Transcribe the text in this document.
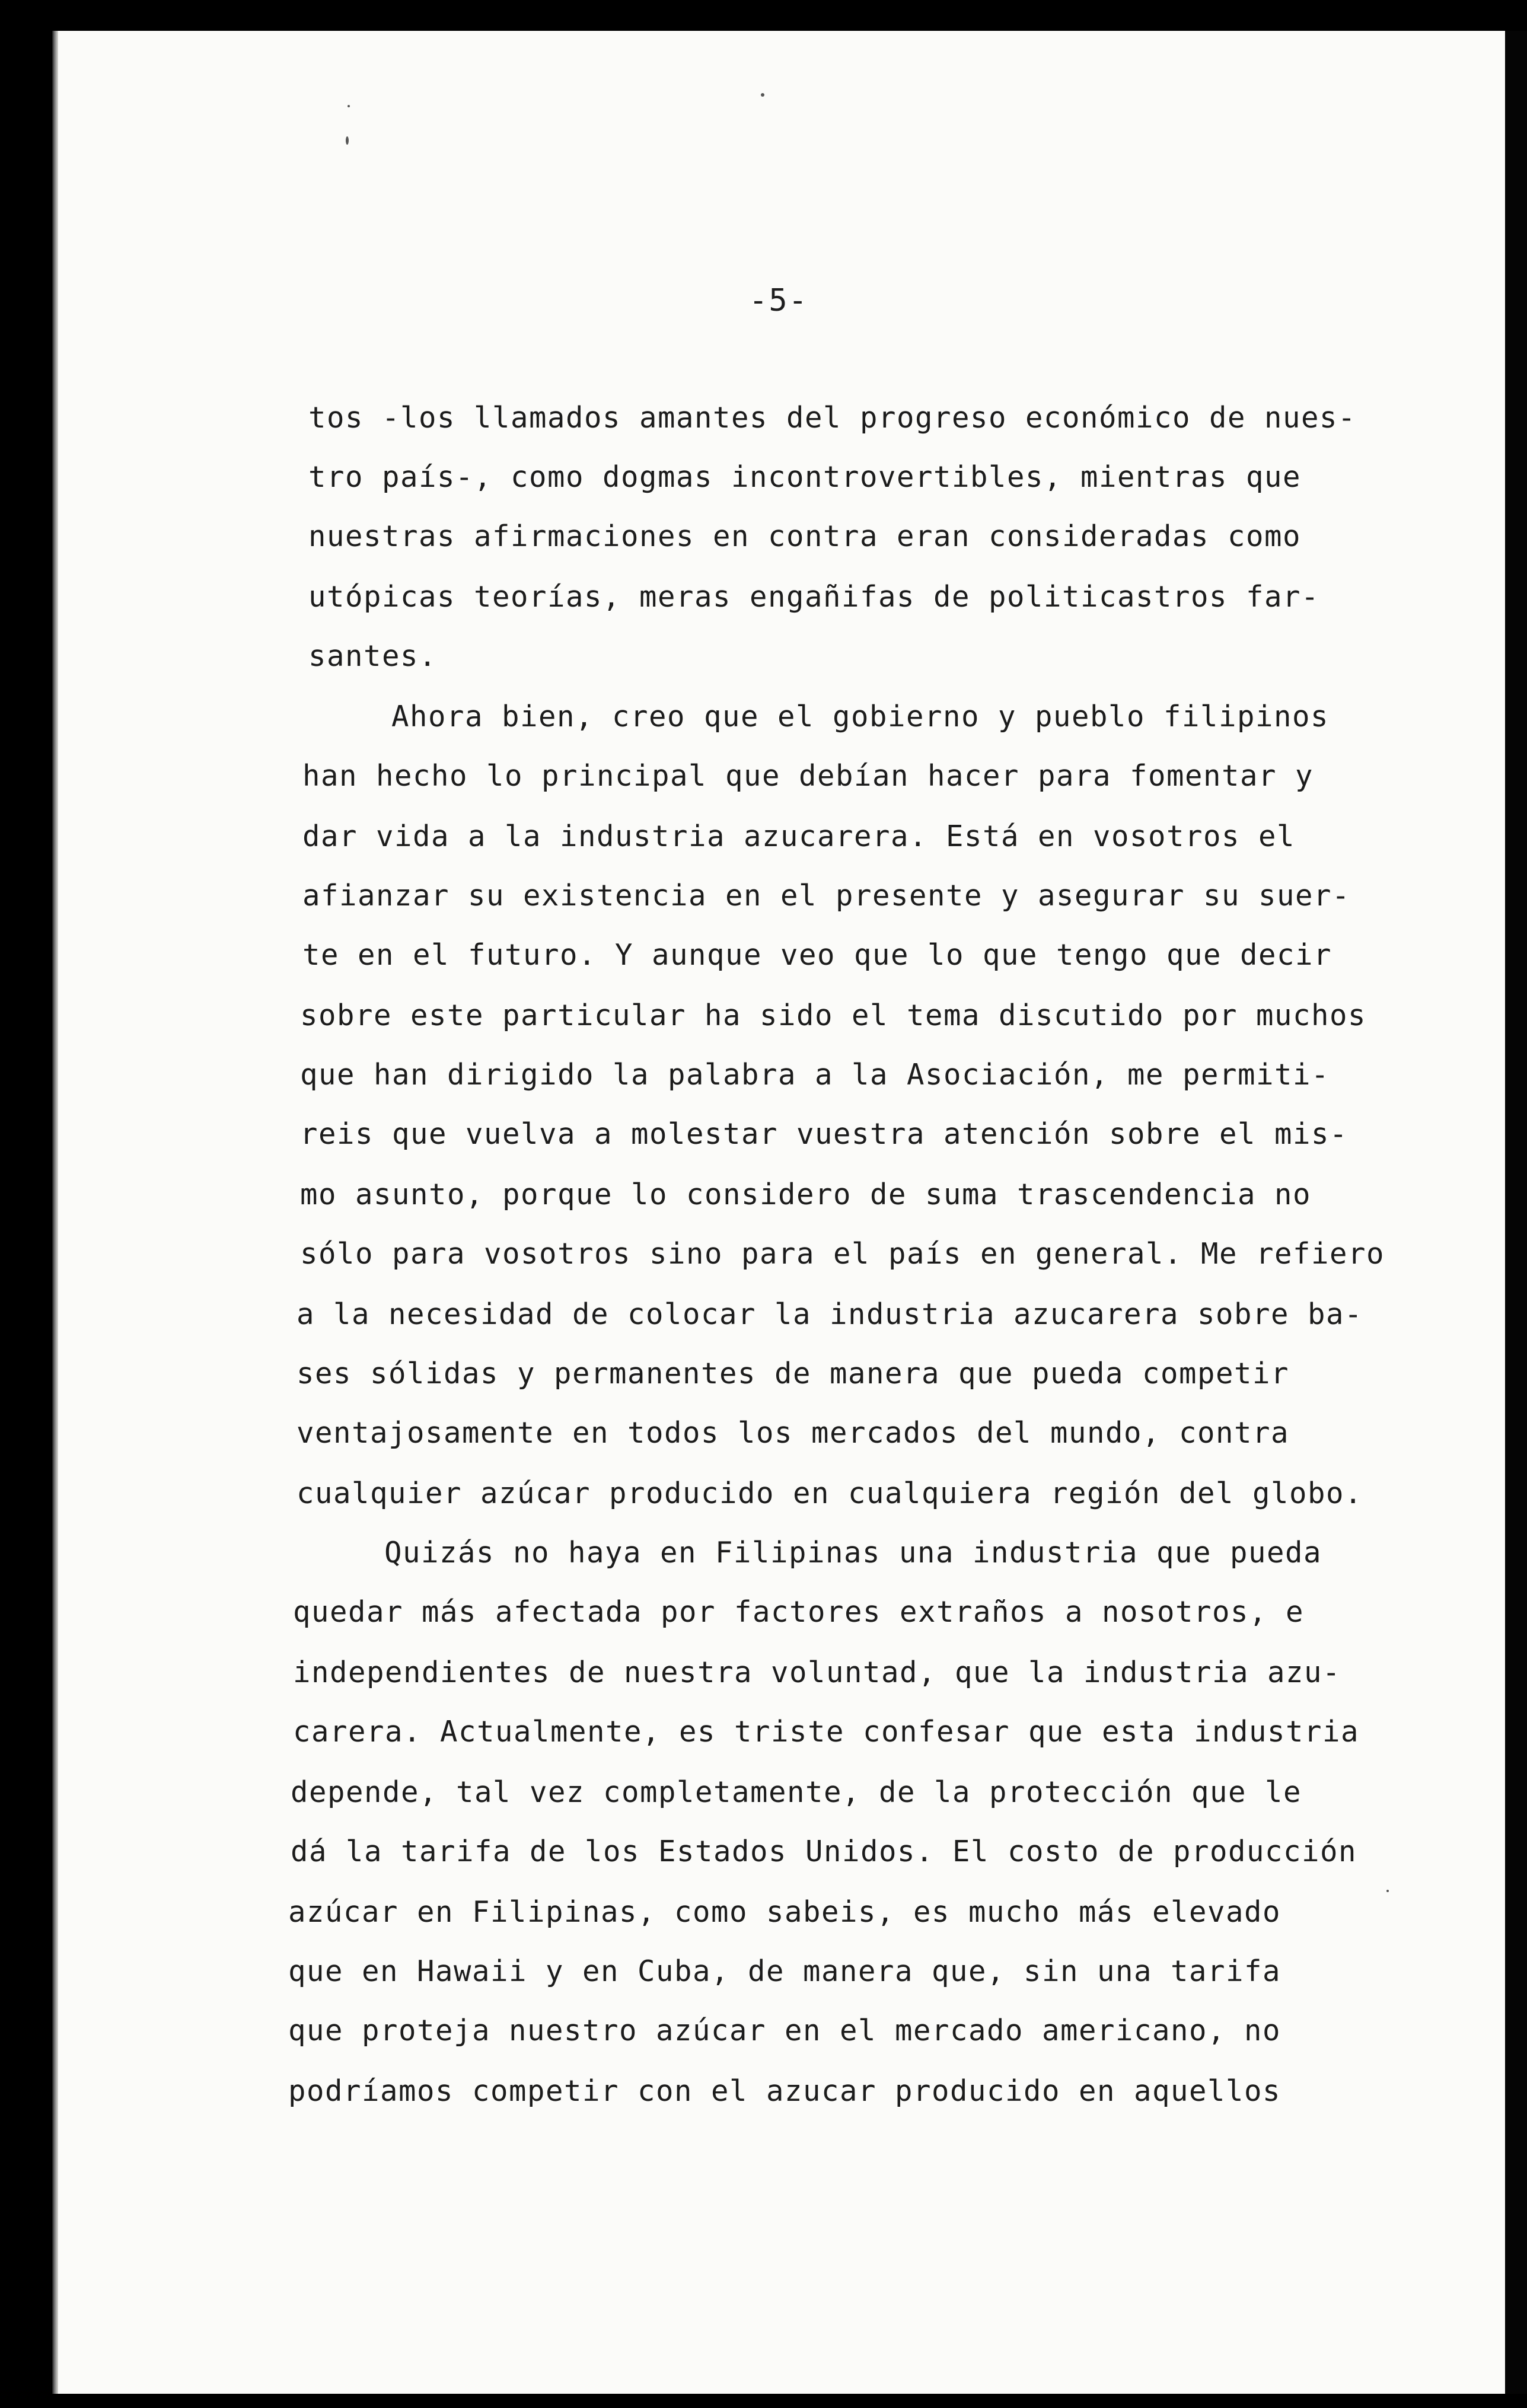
-5-

tos -los llamados amantes del progreso económico de nues-

tro país-, como dogmas incontrovertibles, mientras que

nuestras afirmaciones en contra eran consideradas como

utópicas teorías, meras engañifas de politicastros far-

santes.

Ahora bien, creo que el gobierno y pueblo filipinos

han hecho lo principal que debían hacer para fomentar y

dar vida a la industria azucarera. Está en vosotros el

afianzar su existencia en el presente y asegurar su suer-

te en el futuro. Y aunque veo que lo que tengo que decir

sobre este particular ha sido el tema discutido por muchos

que han dirigido la palabra a la Asociación, me permiti-

reis que vuelva a molestar vuestra atención sobre el mis-

mo asunto, porque lo considero de suma trascendencia no

sólo para vosotros sino para el país en general. Me refiero

a la necesidad de colocar la industria azucarera sobre ba-

ses sólidas y permanentes de manera que pueda competir

ventajosamente en todos los mercados del mundo, contra

cualquier azúcar producido en cualquiera región del globo.

Quizás no haya en Filipinas una industria que pueda

quedar más afectada por factores extraños a nosotros, e

independientes de nuestra voluntad, que la industria azu-

carera. Actualmente, es triste confesar que esta industria

depende, tal vez completamente, de la protección que le

dá la tarifa de los Estados Unidos. El costo de producción

azúcar en Filipinas, como sabeis, es mucho más elevado

que en Hawaii y en Cuba, de manera que, sin una tarifa

que proteja nuestro azúcar en el mercado americano, no

podríamos competir con el azucar producido en aquellos
